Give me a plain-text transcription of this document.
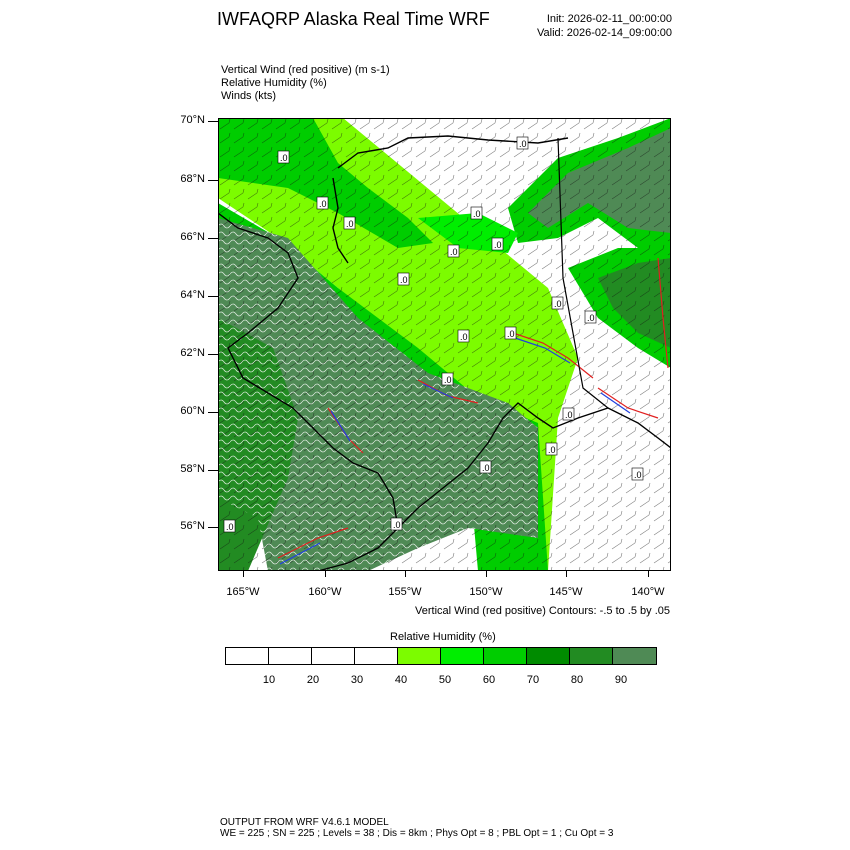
IWFAQRP Alaska Real Time WRF	Init: 2026-02-11_00:00:00
Valid: 2026-02-14_09:00:00
Vertical Wind (red positive) (m s-1)
Relative Humidity (%)
Winds (kts)
.0
.0
.0
.0
.0
.0
.0
.0
.0	.0
.0
.0
.0
.0
.0
.0
.0
.0
.0
70°N
68°N
66°N
64°N
62°N
60°N
58°N
56°N
165°W	160°W	155°W	150°W	145°W	140°W
Vertical Wind (red positive) Contours: -.5 to .5 by .05
Relative Humidity (%)
10	20	30	40	50	60	70	80	90
OUTPUT FROM WRF V4.6.1 MODEL
WE = 225 ; SN = 225 ; Levels = 38 ; Dis = 8km ; Phys Opt = 8 ; PBL Opt = 1 ; Cu Opt = 3
